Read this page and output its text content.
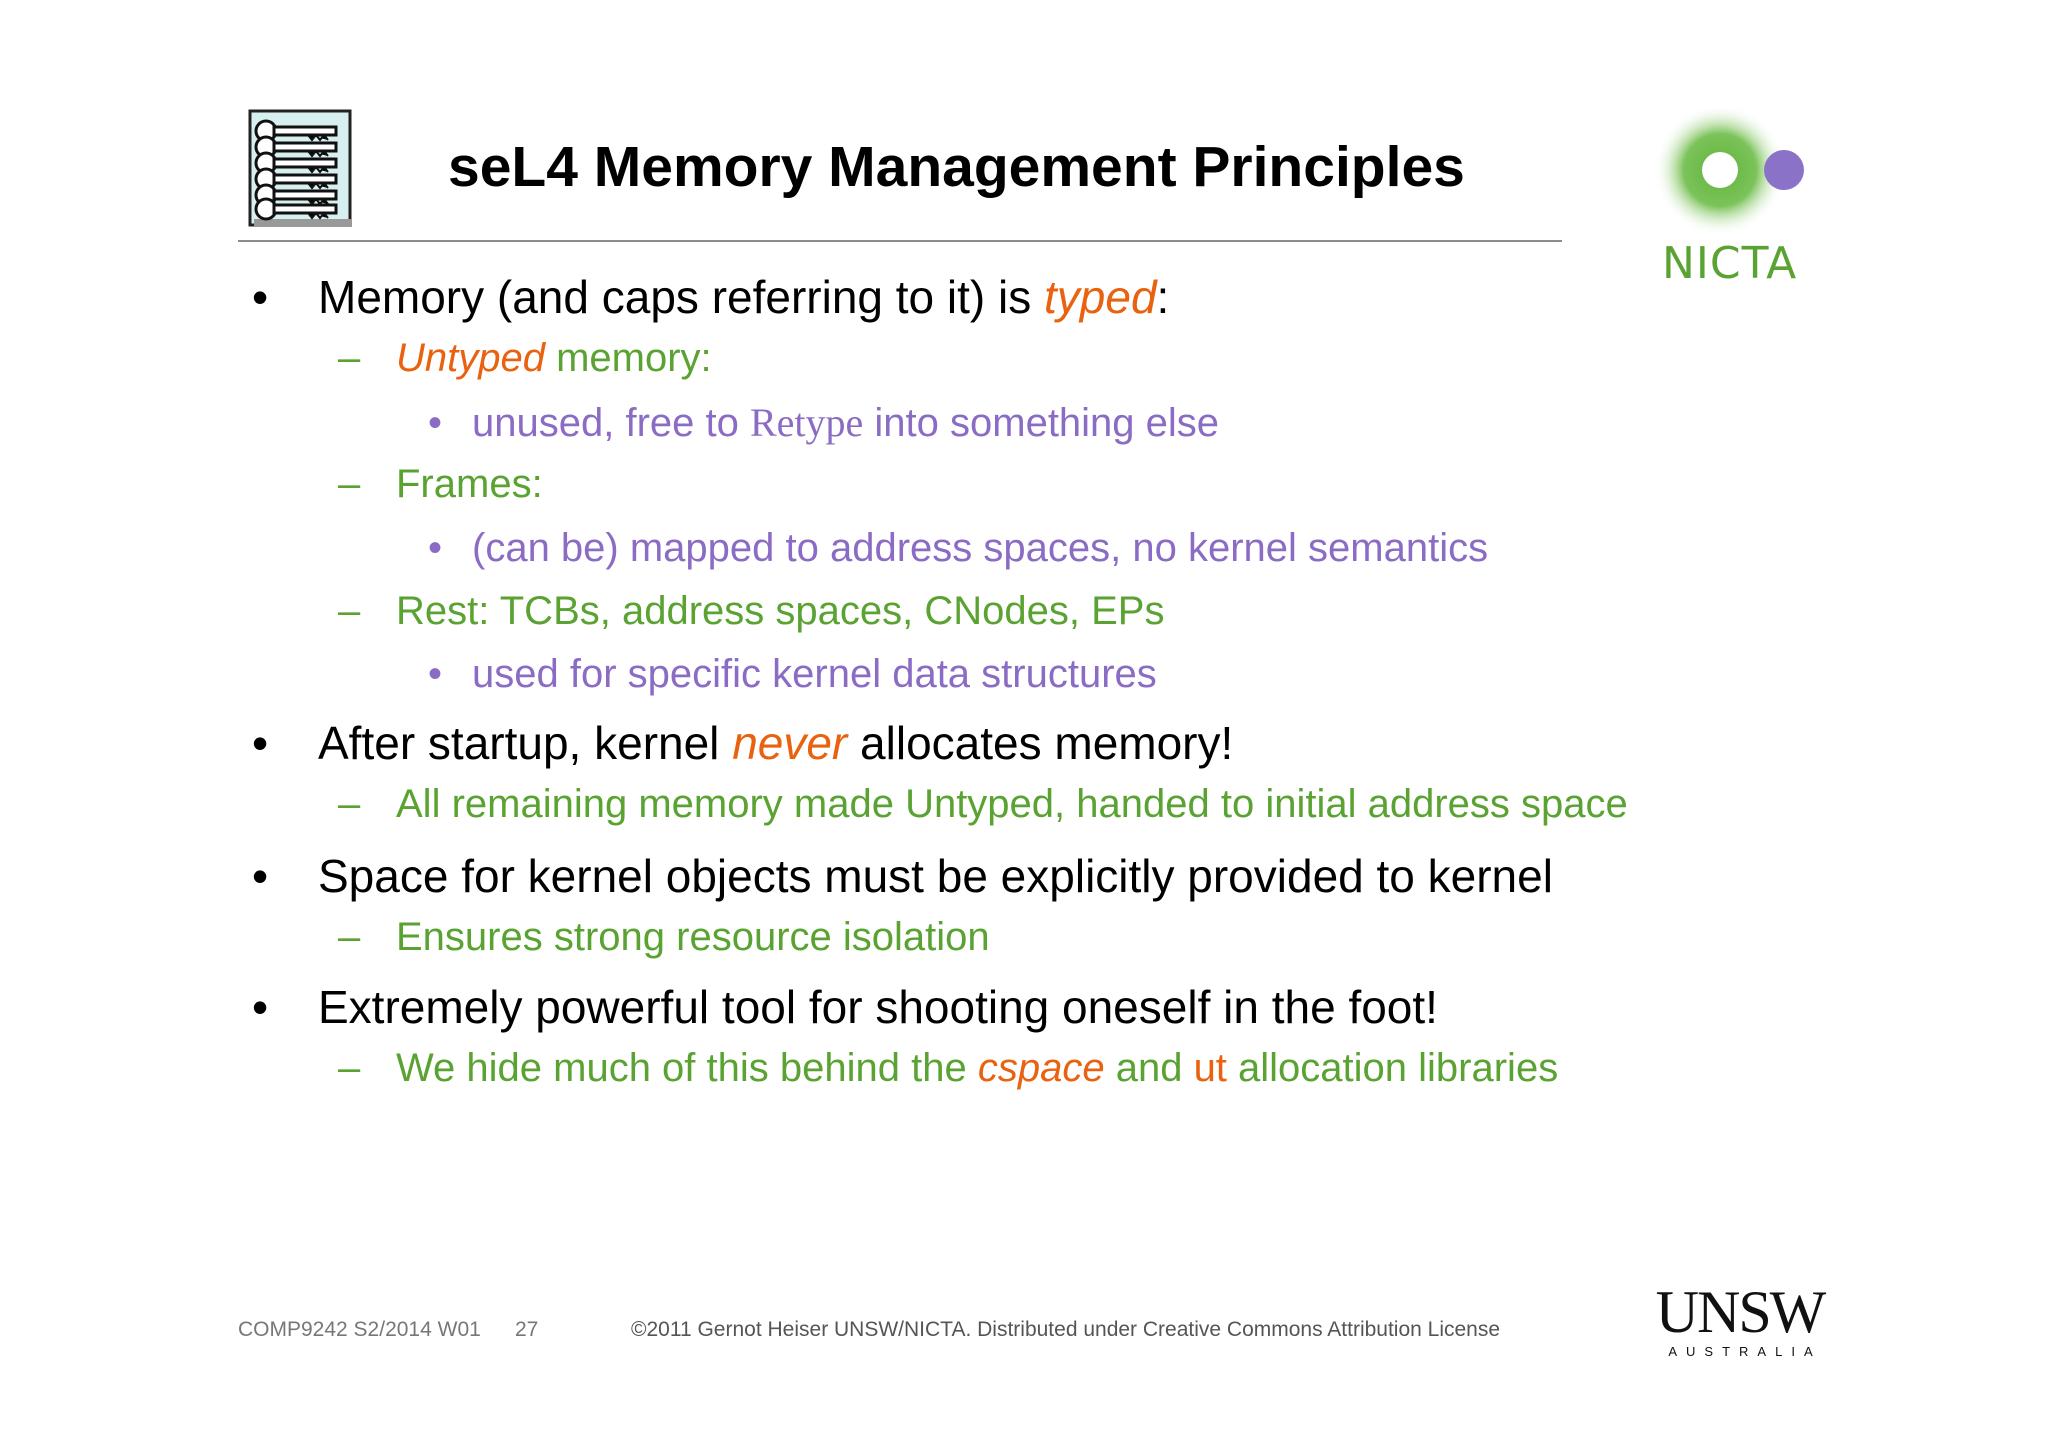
seL4 Memory Management Principles
NICTA
• Memory (and caps referring to it) is typed:
– Untyped memory:
• unused, free to Retype into something else
– Frames:
• (can be) mapped to address spaces, no kernel semantics
– Rest: TCBs, address spaces, CNodes, EPs
• used for specific kernel data structures
• After startup, kernel never allocates memory!
– All remaining memory made Untyped, handed to initial address space
• Space for kernel objects must be explicitly provided to kernel
– Ensures strong resource isolation
• Extremely powerful tool for shooting oneself in the foot!
– We hide much of this behind the cspace and ut allocation libraries
COMP9242 S2/2014 W01 27	©2011 Gernot Heiser UNSW/NICTA. Distributed under Creative Commons Attribution License	UNSW
AUSTRALIA
